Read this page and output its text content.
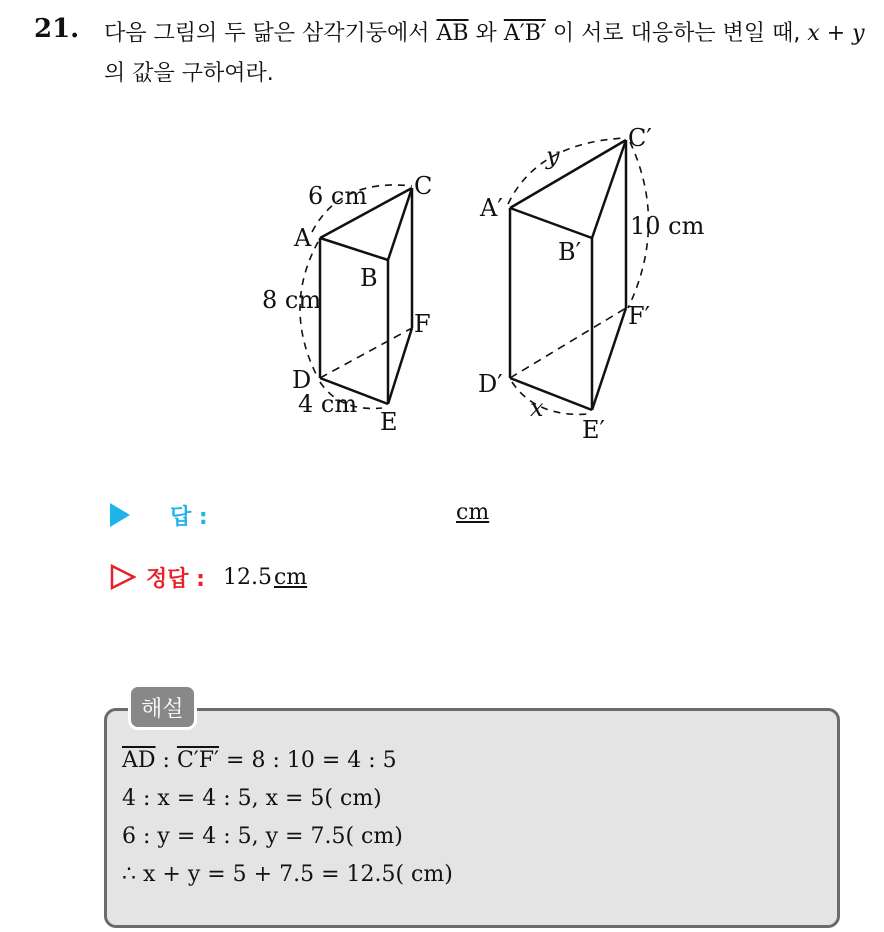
21. 다음 그림의 두 닮은 삼각기둥에서 $\overline{AB}$ 와 A′B′ 이 서로 대응하는 변일 때, x + y 의 값을 구하여라.
A
B
C
D
E
F
6 cm
8 cm
4 cm
A′
B′
C′
D′
E′
F′
y
10 cm
x
답 :	cm
정답 : 12.5cm
해설
$\overline{AD}$ : C′F′ = 8 : 10 = 4 : 5
4 : x = 4 : 5, x = 5( cm)
6 : y = 4 : 5, y = 7.5( cm)
∴ x + y = 5 + 7.5 = 12.5( cm)
